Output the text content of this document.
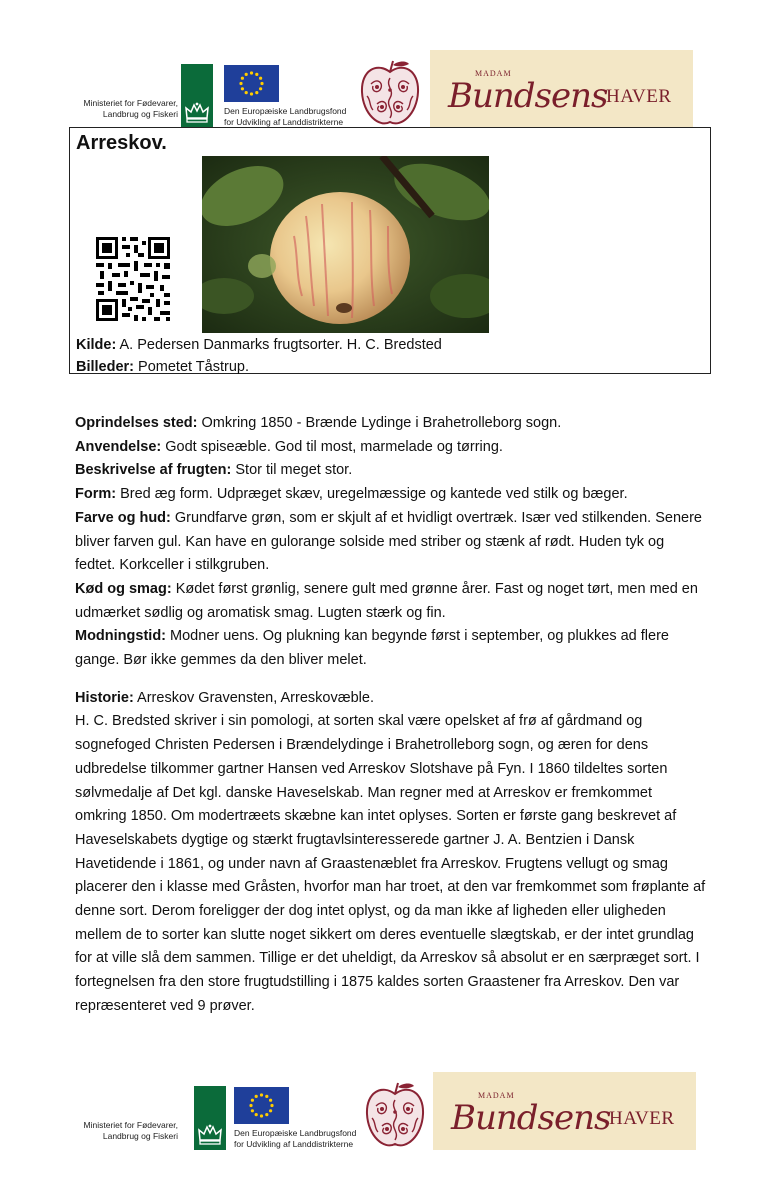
Ministeriet for Fødevarer,
Landbrug og Fiskeri	Den Europæiske Landbrugsfond
for Udvikling af Landdistrikterne
MADAM
Bundsens
HAVER
Arreskov.
Kilde: A. Pedersen Danmarks frugtsorter. H. C. Bredsted
Billeder: Pometet Tåstrup.

Oprindelses sted: Omkring 1850 - Brænde Lydinge i Brahetrolleborg sogn.

Anvendelse: Godt spiseæble. God til most, marmelade og tørring.

Beskrivelse af frugten: Stor til meget stor.

Form: Bred æg form. Udpræget skæv, uregelmæssige og kantede ved stilk og bæger.

Farve og hud: Grundfarve grøn, som er skjult af et hvidligt overtræk. Især ved stilkenden. Senere bliver farven gul. Kan have en gulorange solside med striber og stænk af rødt. Huden tyk og fedtet. Korkceller i stilkgruben.

Kød og smag: Kødet først grønlig, senere gult med grønne årer. Fast og noget tørt, men med en udmærket sødlig og aromatisk smag. Lugten stærk og fin.

Modningstid: Modner uens. Og plukning kan begynde først i september, og plukkes ad flere gange. Bør ikke gemmes da den bliver melet.

Historie: Arreskov Gravensten, Arreskovæble.

H. C. Bredsted skriver i sin pomologi, at sorten skal være opelsket af frø af gårdmand og sognefoged Christen Pedersen i Brændelydinge i Brahetrolleborg sogn, og æren for dens udbredelse tilkommer gartner Hansen ved Arreskov Slotshave på Fyn. I 1860 tildeltes sorten sølvmedalje af Det kgl. danske Haveselskab. Man regner med at Arreskov er fremkommet omkring 1850. Om modertræets skæbne kan intet oplyses. Sorten er første gang beskrevet af Haveselskabets dygtige og stærkt frugtavlsinteresserede gartner J. A. Bentzien i Dansk Havetidende i 1861, og under navn af Graastenæblet fra Arreskov. Frugtens vellugt og smag placerer den i klasse med Gråsten, hvorfor man har troet, at den var fremkommet som frøplante af denne sort. Derom foreligger der dog intet oplyst, og da man ikke af ligheden eller uligheden mellem de to sorter kan slutte noget sikkert om deres eventuelle slægtskab, er der intet grundlag for at ville slå dem sammen. Tillige er det uheldigt, da Arreskov så absolut er en særpræget sort. I fortegnelsen fra den store frugtudstilling i 1875 kaldes sorten Graastener fra Arreskov. Den var repræsenteret ved 9 prøver.

Ministeriet for Fødevarer,
Landbrug og Fiskeri	Den Europæiske Landbrugsfond
for Udvikling af Landdistrikterne
MADAM
Bundsens
HAVER
